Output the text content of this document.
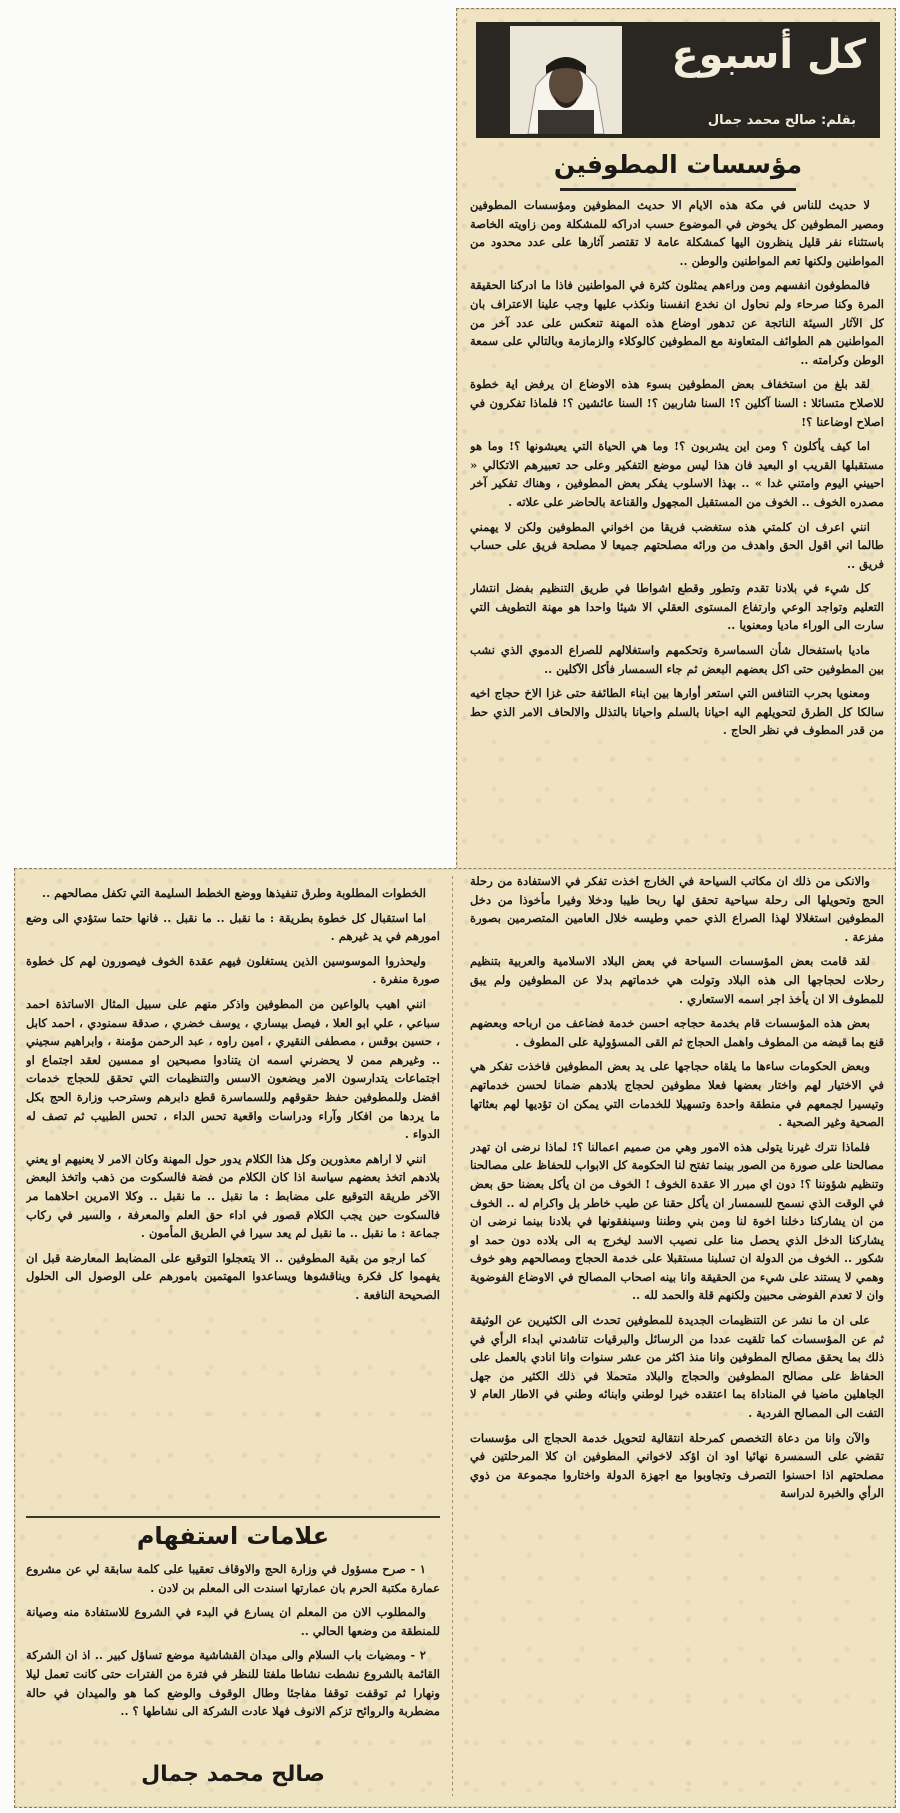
كل أسبوع
بقلم: صالح محمد جمال
مؤسسات المطوفين

لا حديث للناس في مكة هذه الايام الا حديث المطوفين ومؤسسات المطوفين ومصير المطوفين كل يخوض في الموضوع حسب ادراكه للمشكلة ومن زاويته الخاصة باستثناء نفر قليل ينظرون اليها كمشكلة عامة لا تقتصر آثارها على عدد محدود من المواطنين ولكنها تعم المواطنين والوطن ..

فالمطوفون انفسهم ومن وراءهم يمثلون كثرة في المواطنين فاذا ما ادركنا الحقيقة المرة وكنا صرحاء ولم نحاول ان نخدع انفسنا ونكذب عليها وجب علينا الاعتراف بان كل الآثار السيئة الناتجة عن تدهور اوضاع هذه المهنة تنعكس على عدد آخر من المواطنين هم الطوائف المتعاونة مع المطوفين كالوكلاء والزمازمة وبالتالي على سمعة الوطن وكرامته ..

لقد بلغ من استخفاف بعض المطوفين بسوء هذه الاوضاع ان يرفض اية خطوة للاصلاح متسائلا : السنا آكلين ؟! السنا شاربين ؟! السنا عائشين ؟! فلماذا تفكرون في اصلاح اوضاعنا ؟!

اما كيف يأكلون ؟ ومن اين يشربون ؟! وما هي الحياة التي يعيشونها ؟! وما هو مستقبلها القريب او البعيد فان هذا ليس موضع التفكير وعلى حد تعبيرهم الاتكالي « احييني اليوم وامتني غدا » .. بهذا الاسلوب يفكر بعض المطوفين ، وهناك تفكير آخر مصدره الخوف .. الخوف من المستقبل المجهول والقناعة بالحاضر على علاته .

انني اعرف ان كلمتي هذه ستغضب فريقا من اخواني المطوفين ولكن لا يهمني طالما اني اقول الحق واهدف من ورائه مصلحتهم جميعا لا مصلحة فريق على حساب فريق ..

كل شيء في بلادنا تقدم وتطور وقطع اشواطا في طريق التنظيم بفضل انتشار التعليم وتواجد الوعي وارتفاع المستوى العقلي الا شيئا واحدا هو مهنة التطويف التي سارت الى الوراء ماديا ومعنويا ..

ماديا باستفحال شأن السماسرة وتحكمهم واستغلالهم للصراع الدموي الذي نشب بين المطوفين حتى اكل بعضهم البعض ثم جاء السمسار فأكل الآكلين ..

ومعنويا بحرب التنافس التي استعر أوارها بين ابناء الطائفة حتى غزا الاخ حجاج اخيه سالكا كل الطرق لتحويلهم اليه احيانا بالسلم واحيانا بالتذلل والالحاف الامر الذي حط من قدر المطوف في نظر الحاج .

والانكى من ذلك ان مكاتب السياحة في الخارج اخذت تفكر في الاستفادة من رحلة الحج وتحويلها الى رحلة سياحية تحقق لها ربحا طيبا ودخلا وفيرا مأخوذا من دخل المطوفين استغلالا لهذا الصراع الذي حمي وطيسه خلال العامين المتصرمين بصورة مفزعة .

لقد قامت بعض المؤسسات السياحة في بعض البلاد الاسلامية والعربية بتنظيم رحلات لحجاجها الى هذه البلاد وتولت هي خدماتهم بدلا عن المطوفين ولم يبق للمطوف الا ان يأخذ اجر اسمه الاستعاري .

بعض هذه المؤسسات قام بخدمة حجاجه احسن خدمة فضاعف من ارباحه وبعضهم قنع بما قبضه من المطوف واهمل الحجاج ثم القى المسؤولية على المطوف .

وبعض الحكومات ساءها ما يلقاه حجاجها على يد بعض المطوفين فاخذت تفكر هي في الاختيار لهم واختار بعضها فعلا مطوفين لحجاج بلادهم ضمانا لحسن خدماتهم وتيسيرا لجمعهم في منطقة واحدة وتسهيلا للخدمات التي يمكن ان تؤديها لهم بعثاتها الصحية وغير الصحية .

فلماذا نترك غيرنا يتولى هذه الامور وهي من صميم اعمالنا ؟! لماذا نرضى ان تهدر مصالحنا على صورة من الصور بينما تفتح لنا الحكومة كل الابواب للحفاظ على مصالحنا وتنظيم شؤوننا ؟! دون اي مبرر الا عقدة الخوف ! الخوف من ان يأكل بعضنا حق بعض في الوقت الذي نسمح للسمسار ان يأكل حقنا عن طيب خاطر بل واكرام له .. الخوف من ان يشاركنا دخلنا اخوة لنا ومن بني وطننا وسينفقونها في بلادنا بينما نرضى ان يشاركنا الدخل الذي يحصل منا على نصيب الاسد ليخرج به الى بلاده دون حمد او شكور .. الخوف من الدولة ان تسلبنا مستقبلا على خدمة الحجاج ومصالحهم وهو خوف وهمي لا يستند على شيء من الحقيقة وانا بينه اصحاب المصالح في الاوضاع الفوضوية وان لا تعدم الفوضى محبين ولكنهم قلة والحمد لله ..

على ان ما نشر عن التنظيمات الجديدة للمطوفين تحدث الى الكثيرين عن الوثيقة ثم عن المؤسسات كما تلقيت عددا من الرسائل والبرقيات تناشدني ابداء الرأي في ذلك بما يحقق مصالح المطوفين وانا منذ اكثر من عشر سنوات وانا انادي بالعمل على الحفاظ على مصالح المطوفين والحجاج والبلاد متحملا في ذلك الكثير من جهل الجاهلين ماضيا في المناداة بما اعتقده خيرا لوطني وابنائه وطني في الاطار العام لا التفت الى المصالح الفردية .

والآن وانا من دعاة التخصص كمرحلة انتقالية لتحويل خدمة الحجاج الى مؤسسات تقضي على السمسرة نهائيا اود ان اؤكد لاخواني المطوفين ان كلا المرحلتين في مصلحتهم اذا احسنوا التصرف وتجاوبوا مع اجهزة الدولة واختاروا مجموعة من ذوي الرأي والخبرة لدراسة

الخطوات المطلوبة وطرق تنفيذها ووضع الخطط السليمة التي تكفل مصالحهم ..

اما استقبال كل خطوة بطريقة : ما نقبل .. ما نقبل .. فانها حتما ستؤدي الى وضع امورهم في يد غيرهم .

وليحذروا الموسوسين الذين يستغلون فيهم عقدة الخوف فيصورون لهم كل خطوة صورة منفرة .

انني اهيب بالواعين من المطوفين واذكر منهم على سبيل المثال الاساتذة احمد سباعي ، علي ابو العلا ، فيصل بيساري ، يوسف خضري ، صدقة سمنودي ، احمد كابل ، حسين بوقس ، مصطفى النقيري ، امين راوه ، عبد الرحمن مؤمنة ، وابراهيم سجيني .. وغيرهم ممن لا يحضرني اسمه ان يتنادوا مصبحين او ممسين لعقد اجتماع او اجتماعات يتدارسون الامر ويضعون الاسس والتنظيمات التي تحقق للحجاج خدمات افضل وللمطوفين حفظ حقوقهم وللسماسرة قطع دابرهم وسترحب وزارة الحج بكل ما يردها من افكار وآراء ودراسات واقعية تحس الداء ، تحس الطبيب ثم تصف له الدواء .

انني لا اراهم معذورين وكل هذا الكلام يدور حول المهنة وكان الامر لا يعنيهم او يعني بلادهم اتخذ بعضهم سياسة اذا كان الكلام من فضة فالسكوت من ذهب واتخذ البعض الآخر طريقة التوقيع على مضابط : ما نقبل .. ما نقبل .. وكلا الامرين احلاهما مر فالسكوت حين يجب الكلام قصور في اداء حق العلم والمعرفة ، والسير في ركاب جماعة : ما نقبل .. ما نقبل لم يعد سيرا في الطريق المأمون .

كما ارجو من بقية المطوفين .. الا يتعجلوا التوقيع على المضابط المعارضة قبل ان يفهموا كل فكرة ويناقشوها ويساعدوا المهتمين بامورهم على الوصول الى الحلول الصحيحة النافعة .

علامات استفهام

١ - صرح مسؤول في وزارة الحج والاوقاف تعقيبا على كلمة سابقة لي عن مشروع عمارة مكتبة الحرم بان عمارتها اسندت الى المعلم بن لادن .

والمطلوب الان من المعلم ان يسارع في البدء في الشروع للاستفادة منه وصيانة للمنطقة من وضعها الحالي ..

٢ - ومضيات باب السلام والى ميدان القشاشية موضع تساؤل كبير .. اذ ان الشركة القائمة بالشروع نشطت نشاطا ملفتا للنظر في فترة من الفترات حتى كانت تعمل ليلا ونهارا ثم توقفت توقفا مفاجئا وطال الوقوف والوضع كما هو والميدان في حالة مضطربة والروائح تزكم الانوف فهلا عادت الشركة الى نشاطها ؟ ..

صالح محمد جمال
